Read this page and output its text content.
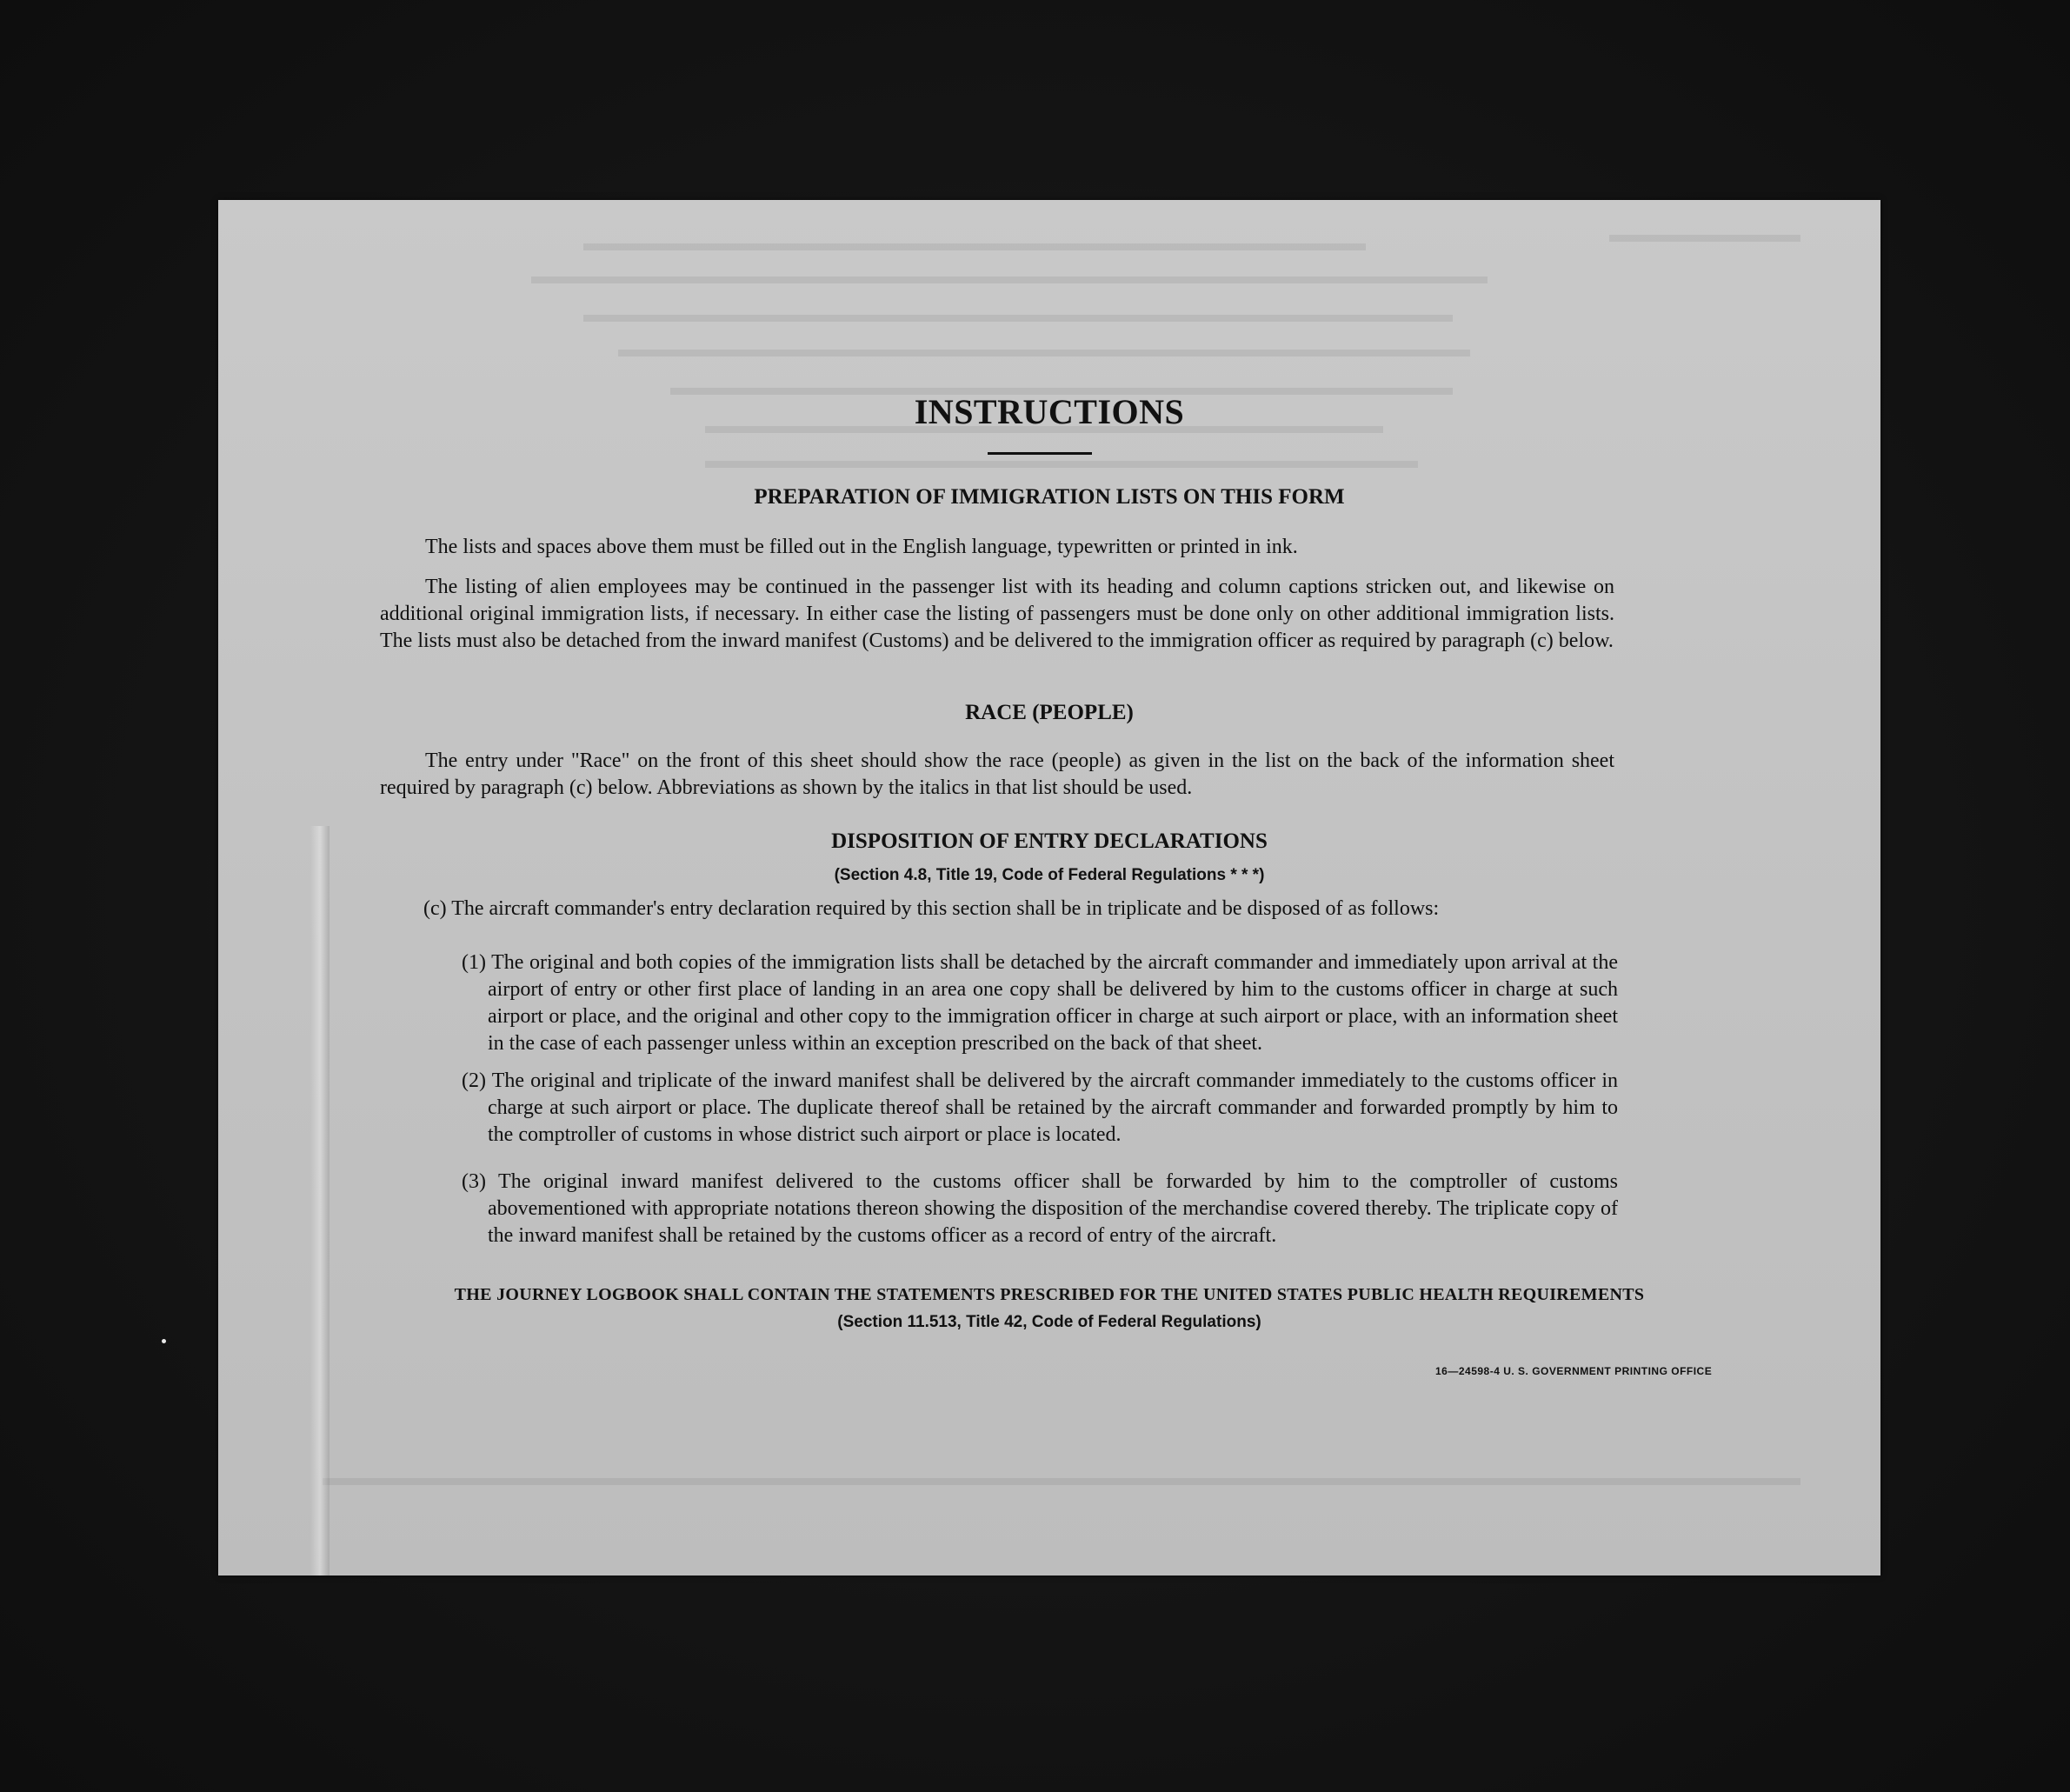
INSTRUCTIONS
PREPARATION OF IMMIGRATION LISTS ON THIS FORM
The lists and spaces above them must be filled out in the English language, typewritten or printed in ink.
The listing of alien employees may be continued in the passenger list with its heading and column captions stricken out, and likewise on additional original immigration lists, if necessary. In either case the listing of passengers must be done only on other additional immigration lists. The lists must also be detached from the inward manifest (Customs) and be delivered to the immigration officer as required by paragraph (c) below.
RACE (PEOPLE)
The entry under "Race" on the front of this sheet should show the race (people) as given in the list on the back of the information sheet required by paragraph (c) below. Abbreviations as shown by the italics in that list should be used.
DISPOSITION OF ENTRY DECLARATIONS
(Section 4.8, Title 19, Code of Federal Regulations * * *)
(c) The aircraft commander's entry declaration required by this section shall be in triplicate and be disposed of as follows:
(1) The original and both copies of the immigration lists shall be detached by the aircraft commander and immediately upon arrival at the airport of entry or other first place of landing in an area one copy shall be delivered by him to the customs officer in charge at such airport or place, and the original and other copy to the immigration officer in charge at such airport or place, with an information sheet in the case of each passenger unless within an exception prescribed on the back of that sheet.
(2) The original and triplicate of the inward manifest shall be delivered by the aircraft commander immediately to the customs officer in charge at such airport or place. The duplicate thereof shall be retained by the aircraft commander and forwarded promptly by him to the comptroller of customs in whose district such airport or place is located.
(3) The original inward manifest delivered to the customs officer shall be forwarded by him to the comptroller of customs abovementioned with appropriate notations thereon showing the disposition of the merchandise covered thereby. The triplicate copy of the inward manifest shall be retained by the customs officer as a record of entry of the aircraft.
THE JOURNEY LOGBOOK SHALL CONTAIN THE STATEMENTS PRESCRIBED FOR THE UNITED STATES PUBLIC HEALTH REQUIREMENTS
(Section 11.513, Title 42, Code of Federal Regulations)
16—24598-4 U. S. GOVERNMENT PRINTING OFFICE
